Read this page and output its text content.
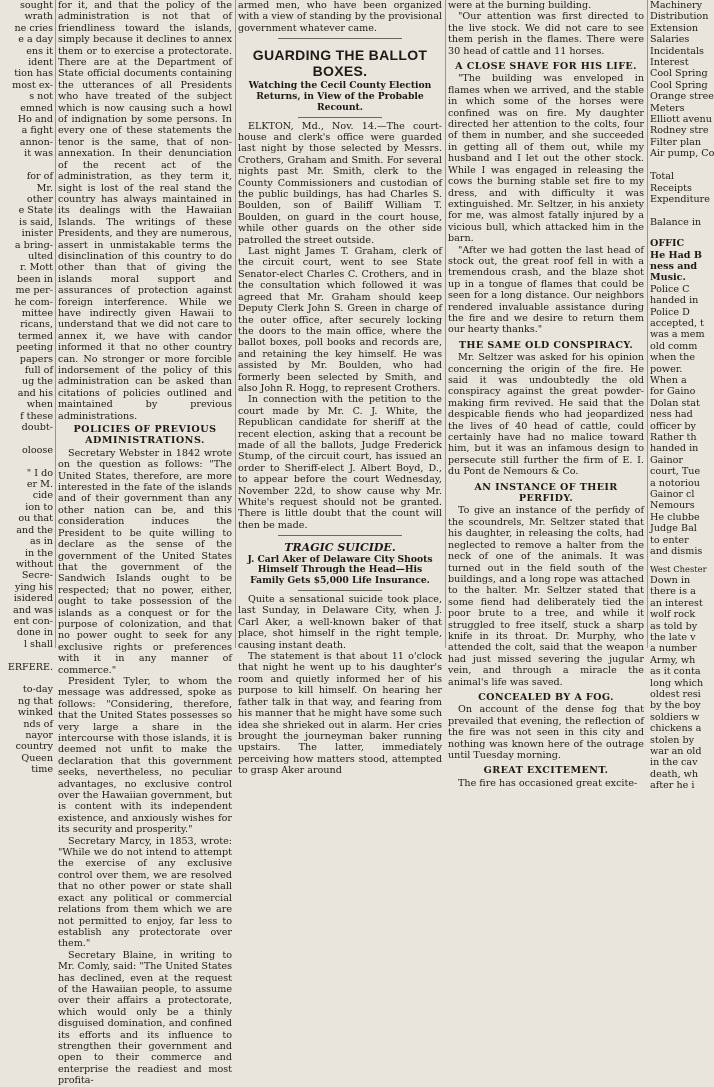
sought
wrath
ne cries
e a day
ens it
ident
tion has
most ex-
s not
emned
Ho and
a fight
annon-
it was

for of
Mr.
other
e State
is said,
inister
a bring-
ulted
r. Mott
been in
me per-
he com-
mittee
ricans,
termed
peeting
papers
full of
ug the
and his
when
f these
doubt-

oloose

" I do
er M.
cide
ion to
ou that
and the
as in
in the
without
Secre-
ying his
isidered
and was
ent con-
done in
l shall

ERFERE.

to-day
ng that
winked
nds of
nayor
country
Queen
time

for it, and that the policy of the administration is not that of friendliness toward the islands, simply because it declines to annex them or to exercise a protectorate. There are at the Department of State official documents containing the utterances of all Presidents who have treated of the subject which is now causing such a howl of indignation by some persons. In every one of these statements the tenor is the same, that of non-annexation. In their denunciation of the recent act of the administration, as they term it, sight is lost of the real stand the country has always maintained in its dealings with the Hawaiian Islands. The writings of these Presidents, and they are numerous, assert in unmistakable terms the disinclination of this country to do other than that of giving the islands moral support and assurances of protection against foreign interference. While we have indirectly given Hawaii to understand that we did not care to annex it, we have with candor informed it that no other country can. No stronger or more forcible indorsement of the policy of this administration can be asked than citations of policies outlined and maintained by previous administrations.

POLICIES OF PREVIOUS ADMINISTRATIONS.

Secretary Webster in 1842 wrote on the question as follows: "The United States, therefore, are more interested in the fate of the islands and of their government than any other nation can be, and this consideration induces the President to be quite willing to declare as the sense of the government of the United States that the government of the Sandwich Islands ought to be respected; that no power, either, ought to take possession of the islands as a conquest or for the purpose of colonization, and that no power ought to seek for any exclusive rights or preferences with it in any manner of commerce."

President Tyler, to whom the message was addressed, spoke as follows: "Considering, therefore, that the United States possesses so very large a share in the intercourse with those islands, it is deemed not unfit to make the declaration that this government seeks, nevertheless, no peculiar advantages, no exclusive control over the Hawaiian government, but is content with its independent existence, and anxiously wishes for its security and prosperity."

Secretary Marcy, in 1853, wrote: "While we do not intend to attempt the exercise of any exclusive control over them, we are resolved that no other power or state shall exact any political or commercial relations from them which we are not permitted to enjoy, far less to establish any protectorate over them."

Secretary Blaine, in writing to Mr. Comly, said: "The United States has declined, even at the request of the Hawaiian people, to assume over their affairs a protectorate, which would only be a thinly disguised domination, and confined its efforts and its influence to strengthen their government and open to their commerce and enterprise the readiest and most profita-

armed men, who have been organized with a view of standing by the provisional government whatever came.

GUARDING THE BALLOT BOXES.
Watching the Cecil County Election Returns, in View of the Probable Recount.

ELKTON, Md., Nov. 14.—The court-house and clerk's office were guarded last night by those selected by Messrs. Crothers, Graham and Smith. For several nights past Mr. Smith, clerk to the County Commissioners and custodian of the public buildings, has had Charles S. Boulden, son of Bailiff William T. Boulden, on guard in the court house, while other guards on the other side patrolled the street outside.

Last night James T. Graham, clerk of the circuit court, went to see State Senator-elect Charles C. Crothers, and in the consultation which followed it was agreed that Mr. Graham should keep Deputy Clerk John S. Green in charge of the outer office, after securely locking the doors to the main office, where the ballot boxes, poll books and records are, and retaining the key himself. He was assisted by Mr. Boulden, who had formerly been selected by Smith, and also John R. Hogg, to represent Crothers.

In connection with the petition to the court made by Mr. C. J. White, the Republican candidate for sheriff at the recent election, asking that a recount be made of all the ballots, Judge Frederick Stump, of the circuit court, has issued an order to Sheriff-elect J. Albert Boyd, D., to appear before the court Wednesday, November 22d, to show cause why Mr. White's request should not be granted. There is little doubt that the count will then be made.

TRAGIC SUICIDE.
J. Carl Aker of Delaware City Shoots Himself Through the Head—His Family Gets $5,000 Life Insurance.

Quite a sensational suicide took place, last Sunday, in Delaware City, when J. Carl Aker, a well-known baker of that place, shot himself in the right temple, causing instant death.

The statement is that about 11 o'clock that night he went up to his daughter's room and quietly informed her of his purpose to kill himself. On hearing her father talk in that way, and fearing from his manner that he might have some such idea she shrieked out in alarm. Her cries brought the journeyman baker running upstairs. The latter, immediately perceiving how matters stood, attempted to grasp Aker around

were at the burning building.

"Our attention was first directed to the live stock. We did not care to see them perish in the flames. There were 30 head of cattle and 11 horses.

A CLOSE SHAVE FOR HIS LIFE.

"The building was enveloped in flames when we arrived, and the stable in which some of the horses were confined was on fire. My daughter directed her attention to the colts, four of them in number, and she succeeded in getting all of them out, while my husband and I let out the other stock. While I was engaged in releasing the cows the burning stable set fire to my dress, and with difficulty it was extinguished. Mr. Seltzer, in his anxiety for me, was almost fatally injured by a vicious bull, which attacked him in the barn.

"After we had gotten the last head of stock out, the great roof fell in with a tremendous crash, and the blaze shot up in a tongue of flames that could be seen for a long distance. Our neighbors rendered invaluable assistance during the fire and we desire to return them our hearty thanks."

THE SAME OLD CONSPIRACY.

Mr. Seltzer was asked for his opinion concerning the origin of the fire. He said it was undoubtedly the old conspiracy against the great powder-making firm revived. He said that the despicable fiends who had jeopardized the lives of 40 head of cattle, could certainly have had no malice toward him, but it was an infamous design to persecute still further the firm of E. I. du Pont de Nemours & Co.

AN INSTANCE OF THEIR PERFIDY.

To give an instance of the perfidy of the scoundrels, Mr. Seltzer stated that his daughter, in releasing the colts, had neglected to remove a halter from the neck of one of the animals. It was turned out in the field south of the buildings, and a long rope was attached to the halter. Mr. Seltzer stated that some fiend had deliberately tied the poor brute to a tree, and while it struggled to free itself, stuck a sharp knife in its throat. Dr. Murphy, who attended the colt, said that the weapon had just missed severing the jugular vein, and through a miracle the animal's life was saved.

CONCEALED BY A FOG.

On account of the dense fog that prevailed that evening, the reflection of the fire was not seen in this city and nothing was known here of the outrage until Tuesday morning.

GREAT EXCITEMENT.

The fire has occasioned great excite-

Machinery
Distribution
Extension
Salaries
Incidentals
Interest
Cool Spring
Cool Spring
Orange stree
Meters
Elliott avenu
Rodney stre
Filter plan
Air pump, Co

Total
Receipts
Expenditure

Balance in
OFFIC
He Had B
ness and
Music.
Police C
handed in
Police D
accepted, t
was a mem
old comm
when the
power.
When a
for Gaino
Dolan stat
ness had
officer by
Rather th
handed in
Gainor
court, Tue
a notoriou
Gainor cl
Nemours
He clubbe
Judge Bal
to enter
and dismis
West Chester
Down in
there is a
an interest
wolf rock
as told by
the late v
a number
Army, wh
as it conta
long which
oldest resi
by the boy
soldiers w
chickens a
stolen by
war an old
in the cav
death, wh
after he i
